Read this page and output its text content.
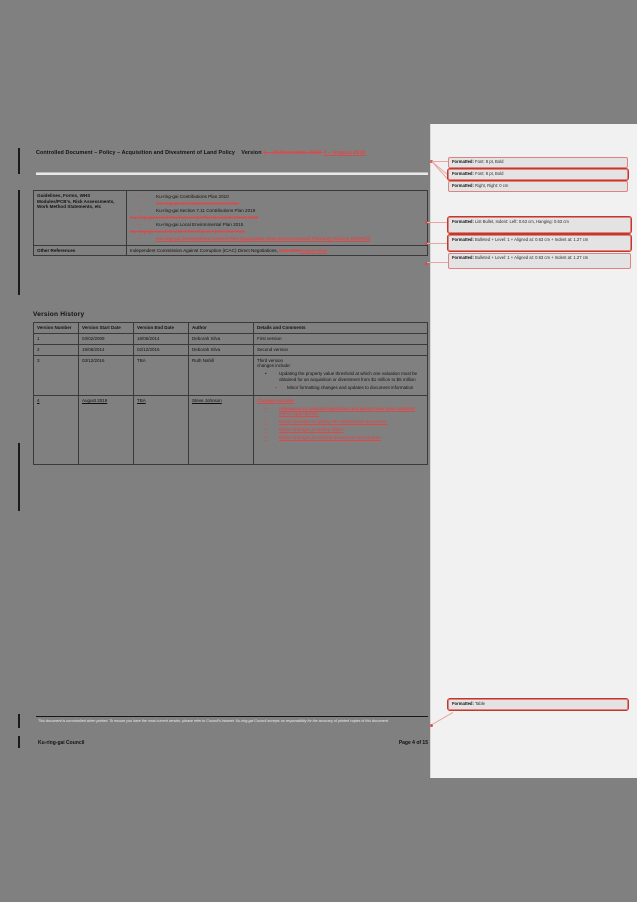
Controlled Document – Policy – Acquisition and Divestment of Land Policy Version 1 – 30 November 2016 4 – August 2019
Guidelines, Forms, WHS Modules/PCB’s, Risk Assessments, Work Method Statements, etc	
•	Ku-ring-gai Contributions Plan 2010
•	Ku-ring-gai Development Control Plan
•	Ku-ring-gai Section 7.11 Contributions Plan 2019
Ku-ring-gai Local Environmental Plan (Local Centres) 2012
•	Ku-ring-gai Local Environmental Plan 2015
Ku-ring-gai Local Centres Development Control Plan
•	Ku-ring-gai Development Control Plan (applicable State Environmental Planning Policies (SEPPs))

Other References	Independent Commission Against Corruption (ICAC) Direct Negotiations, May 2006August 2018
Version History
Version Number	Version Start Date	Version End Date	Author	Details and Comments
1	03/02/2009	18/06/2014	Deborah Silva	First version
2	19/06/2014	02/12/2016	Deborah Silva	Second version
3	03/12/2016	TBA	Ruth Nahill	Third version
changes include:
•	Updating the property value threshold at which one valuation must be obtained for an acquisition or divestment from $1 million to $5 million
◦ Minor formatting changes and updates to document information

4	August 2019	TBA	Steve Johnson	Changes include:
•	references to relevant legislation and policy have been updated where appropriate,
•	minor changes to policy for clarification purposes,
•	Minor changes to policy dates
•	Minor changes to related document information
This document is uncontrolled when printed. To ensure you have the most current version, please refer to Council’s intranet. Ku-ring-gai Council accepts no responsibility for the accuracy of printed copies of this document.
Ku-ring-gai Council	Page 4 of 15
Formatted: Font: 8 pt, Bold
Formatted: Font: 8 pt, Bold
Formatted: Right, Right: 0 cm
Formatted: List Bullet, Indent: Left: 0.63 cm, Hanging: 0.63 cm
Formatted: Bulleted + Level: 1 + Aligned at: 0.63 cm + Indent at: 1.27 cm
Formatted: Bulleted + Level: 1 + Aligned at: 0.63 cm + Indent at: 1.27 cm
Formatted: Table
